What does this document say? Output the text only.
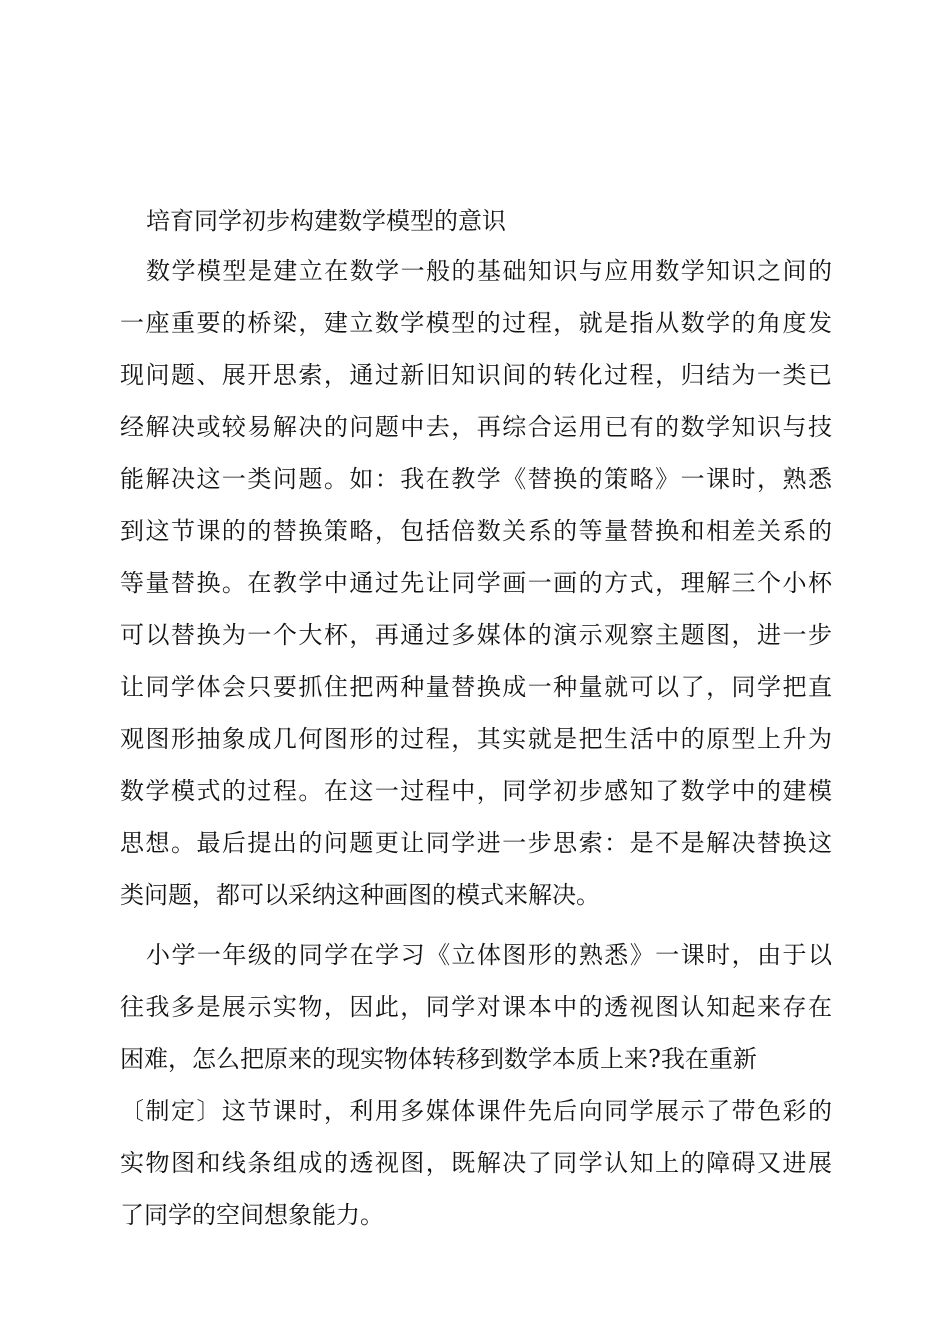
培育同学初步构建数学模型的意识

数学模型是建立在数学一般的基础知识与应用数学知识之间的
一座重要的桥梁，建立数学模型的过程，就是指从数学的角度发
现问题、展开思索，通过新旧知识间的转化过程，归结为一类已
经解决或较易解决的问题中去，再综合运用已有的数学知识与技
能解决这一类问题。如：我在教学《替换的策略》一课时，熟悉
到这节课的的替换策略，包括倍数关系的等量替换和相差关系的
等量替换。在教学中通过先让同学画一画的方式，理解三个小杯
可以替换为一个大杯，再通过多媒体的演示观察主题图，进一步
让同学体会只要抓住把两种量替换成一种量就可以了，同学把直
观图形抽象成几何图形的过程，其实就是把生活中的原型上升为
数学模式的过程。在这一过程中，同学初步感知了数学中的建模
思想。最后提出的问题更让同学进一步思索：是不是解决替换这
类问题，都可以采纳这种画图的模式来解决。

小学一年级的同学在学习《立体图形的熟悉》一课时，由于以
往我多是展示实物，因此，同学对课本中的透视图认知起来存在
困难，怎么把原来的现实物体转移到数学本质上来?我在重新
〔制定〕这节课时，利用多媒体课件先后向同学展示了带色彩的
实物图和线条组成的透视图，既解决了同学认知上的障碍又进展
了同学的空间想象能力。
